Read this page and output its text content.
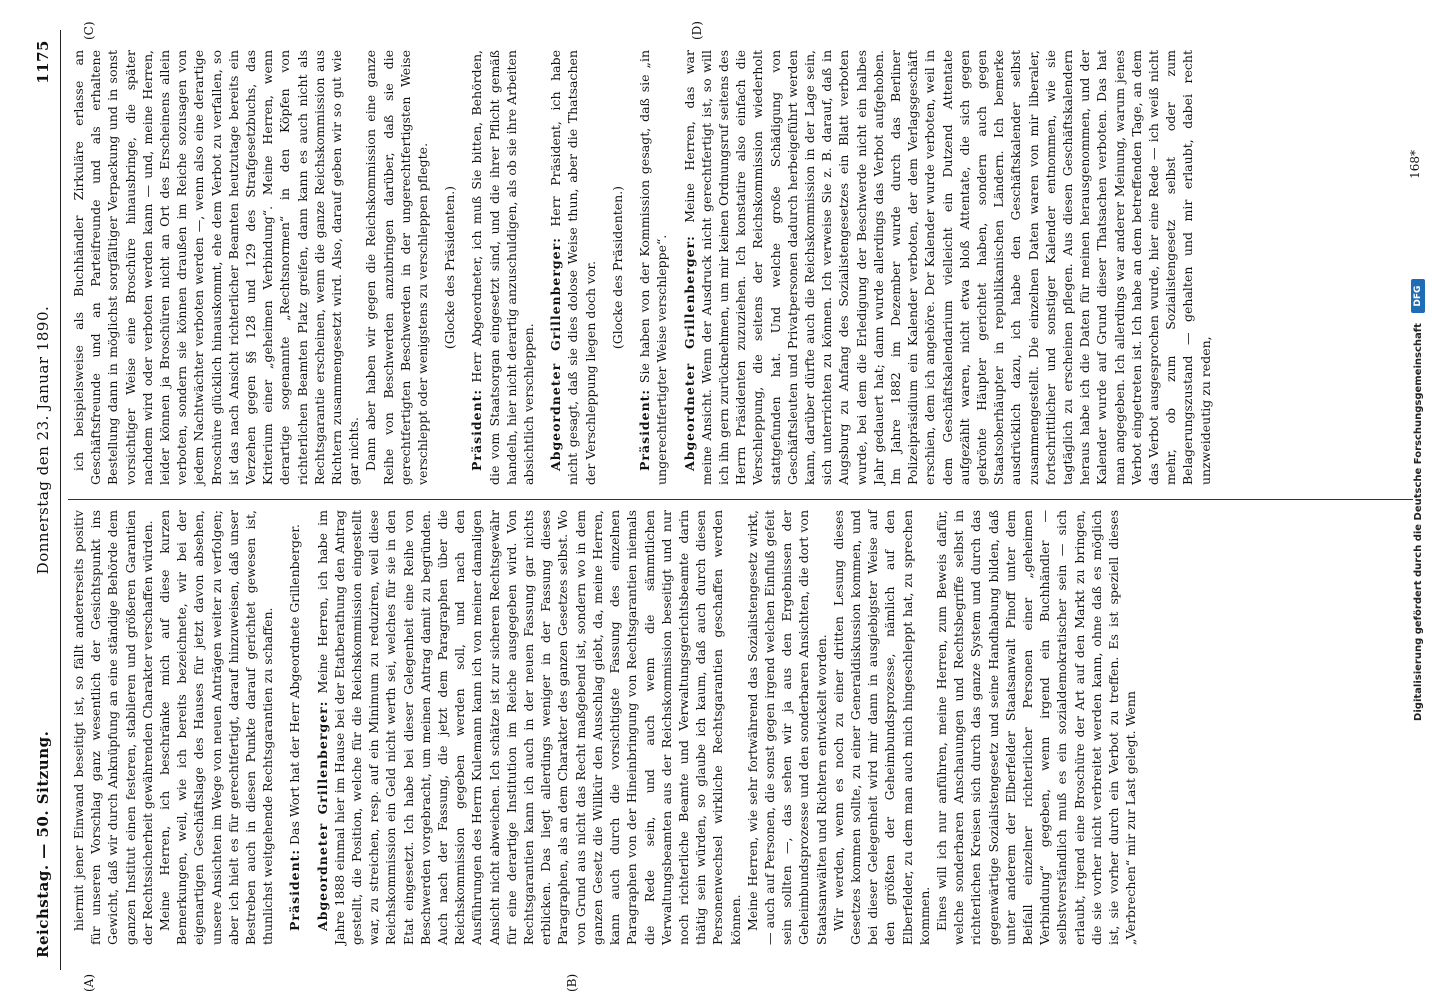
Reichstag. — 50. Sitzung.
Donnerstag den 23. Januar 1890.
1175
(A)	(B)
(C)	(D)

hiermit jener Einwand beseitigt ist, so fällt andererseits positiv für unseren Vorschlag ganz wesentlich der Gesichtspunkt ins Gewicht, daß wir durch Anknüpfung an eine ständige Behörde dem ganzen Institut einen festeren, stabileren und größeren Garantien der Rechtssicherheit gewährenden Charakter verschaffen würden. Meine Herren, ich beschränke mich auf diese kurzen Bemerkungen, weil, wie ich bereits bezeichnete, wir bei der eigenartigen Geschäftslage des Hauses für jetzt davon absehen, unsere Ansichten im Wege von neuen Anträgen weiter zu verfolgen; aber ich hielt es für gerechtfertigt, darauf hinzuweisen, daß unser Bestreben auch in diesen Punkte darauf gerichtet gewesen ist, thunlichst weitgehende Rechtsgarantien zu schaffen. Präsident: Das Wort hat der Herr Abgeordnete Grillenberger. Abgeordneter Grillenberger: Meine Herren, ich habe im Jahre 1888 einmal hier im Hause bei der Etatberathung den Antrag gestellt, die Position, welche für die Reichskommission eingestellt war, zu streichen, resp. auf ein Minimum zu reduziren, weil diese Reichskommission ein Geld nicht werth sei, welches für sie in den Etat eingesetzt. Ich habe bei dieser Gelegenheit eine Reihe von Beschwerden vorgebracht, um meinen Antrag damit zu begründen. Auch nach der Fassung, die jetzt dem Paragraphen über die Reichskommission gegeben werden soll, und nach den Ausführungen des Herrn Kulemann kann ich von meiner damaligen Ansicht nicht abweichen. Ich schätze ist zur sicheren Rechtsgewähr für eine derartige Institution im Reiche ausgegeben wird. Von Rechtsgarantien kann ich auch in der neuen Fassung gar nichts erblicken. Das liegt allerdings weniger in der Fassung dieses Paragraphen, als an dem Charakter des ganzen Gesetzes selbst. Wo von Grund aus nicht das Recht maßgebend ist, sondern wo in dem ganzen Gesetz die Willkür den Ausschlag giebt, da, meine Herren, kann auch durch die vorsichtigste Fassung des einzelnen Paragraphen von der Hineinbringung von Rechtsgarantien niemals die Rede sein, und auch wenn die sämmtlichen Verwaltungsbeamten aus der Reichskommission beseitigt und nur noch richterliche Beamte und Verwaltungsgerichtsbeamte darin thätig sein würden, so glaube ich kaum, daß auch durch diesen Personenwechsel wirkliche Rechtsgarantien geschaffen werden können. Meine Herren, wie sehr fortwährend das Sozialistengesetz wirkt, — auch auf Personen, die sonst gegen irgend welchen Einfluß gefeit sein sollten —, das sehen wir ja aus den Ergebnissen der Geheimbundsprozesse und den sonderbaren Ansichten, die dort von Staatsanwälten und Richtern entwickelt worden. Wir werden, wenn es noch zu einer dritten Lesung dieses Gesetzes kommen sollte, zu einer Generaldiskussion kommen, und bei dieser Gelegenheit wird mir dann in ausgiebigster Weise auf den größten der Geheimbundsprozesse, nämlich auf den Elberfelder, zu dem man auch mich hingeschleppt hat, zu sprechen kommen. Eines will ich nur anführen, meine Herren, zum Beweis dafür, welche sonderbaren Anschauungen und Rechtsbegriffe selbst in richterlichen Kreisen sich durch das ganze System und durch das gegenwärtige Sozialistengesetz und seine Handhabung bilden, daß unter anderem der Elberfelder Staatsanwalt Pinoff unter dem Beifall einzelner richterlicher Personen einer „geheimen Verbindung“ gegeben, wenn irgend ein Buchhändler — selbstverständlich muß es ein sozialdemokratischer sein — sich erlaubt, irgend eine Broschüre der Art auf den Markt zu bringen, die sie vorher nicht verbreitet werden kann, ohne daß es möglich ist, sie vorher durch ein Verbot zu treffen. Es ist speziell dieses „Verbrechen“ mir zur Last gelegt. Wenn

ich beispielsweise als Buchhändler Zirkuläre erlasse an Geschäftsfreunde und an Parteifreunde und als erhaltene Bestellung dann in möglichst sorgfältiger Verpackung und in sonst vorsichtiger Weise eine Broschüre hinausbringe, die später nachdem wird oder verboten werden kann — und, meine Herren, leider können ja Broschüren nicht an Ort des Erscheinens allein verboten, sondern sie können draußen im Reiche sozusagen von jedem Nachtwächter verboten werden —, wenn also eine derartige Broschüre glücklich hinauskommt, ehe dem Verbot zu verfallen, so ist das nach Ansicht richterlicher Beamten heutzutage bereits ein Verzehen gegen §§ 128 und 129 des Strafgesetzbuchs, das Kriterium einer „geheimen Verbindung“. Meine Herren, wenn derartige sogenannte „Rechtsnormen“ in den Köpfen von richterlichen Beamten Platz greifen, dann kann es auch nicht als Rechtsgarantie erscheinen, wenn die ganze Reichskommission aus Richtern zusammengesetzt wird. Also, darauf geben wir so gut wie gar nichts. Dann aber haben wir gegen die Reichskommission eine ganze Reihe von Beschwerden anzubringen darüber, daß sie die gerechtfertigten Beschwerden in der ungerechtfertigsten Weise verschleppt oder wenigstens zu verschleppen pflegte. (Glocke des Präsidenten.)

Präsident: Herr Abgeordneter, ich muß Sie bitten, Behörden, die vom Staatsorgan eingesetzt sind, und die ihrer Pflicht gemäß handeln, hier nicht derartig anzuschuldigen, als ob sie ihre Arbeiten absichtlich verschleppen. Abgeordneter Grillenberger: Herr Präsident, ich habe nicht gesagt, daß sie dies dolose Weise thun, aber die Thatsachen der Verschleppung liegen doch vor. (Glocke des Präsidenten.)

Präsident: Sie haben von der Kommission gesagt, daß sie „in ungerechtfertigter Weise verschleppe“. Abgeordneter Grillenberger: Meine Herren, das war meine Ansicht. Wenn der Ausdruck nicht gerechtfertigt ist, so will ich ihn gern zurücknehmen, um mir keinen Ordnungsruf seitens des Herrn Präsidenten zuzuziehen. Ich konstatire also einfach die Verschleppung, die seitens der Reichskommission wiederholt stattgefunden hat. Und welche große Schädigung von Geschäftsleuten und Privatpersonen dadurch herbeigeführt werden kann, darüber dürfte auch die Reichskommission in der Lage sein, sich unterrichten zu können. Ich verweise Sie z. B. darauf, daß in Augsburg zu Anfang des Sozialistengesetzes ein Blatt verboten wurde, bei dem die Erledigung der Beschwerde nicht ein halbes Jahr gedauert hat; dann wurde allerdings das Verbot aufgehoben. Im Jahre 1882 im Dezember wurde durch das Berliner Polizeipräsidium ein Kalender verboten, der dem Verlagsgeschäft erschien, dem ich angehöre. Der Kalender wurde verboten, weil in dem Geschäftskalendarium vielleicht ein Dutzend Attentate aufgezählt waren, nicht etwa bloß Attentate, die sich gegen gekrönte Häupter gerichtet haben, sondern auch gegen Staatsoberhäupter in republikanischen Ländern. Ich bemerke ausdrücklich dazu, ich habe den Geschäftskalender selbst zusammengestellt. Die einzelnen Daten waren von mir liberaler, fortschrittlicher und sonstiger Kalender entnommen, wie sie tagtäglich zu erscheinen pflegen. Aus diesen Geschäftskalendern heraus habe ich die Daten für meinen herausgenommen, und der Kalender wurde auf Grund dieser Thatsachen verboten. Das hat man angegeben. Ich allerdings war anderer Meinung, warum jenes Verbot eingetreten ist. Ich habe an dem betreffenden Tage, an dem das Verbot ausgesprochen wurde, hier eine Rede — ich weiß nicht mehr, ob zum Sozialistengesetz selbst oder zum Belagerungszustand — gehalten und mir erlaubt, dabei recht unzweideutig zu reden,

168*
Digitalisierung gefördert durch die Deutsche Forschungsgemeinschaft
DFG
